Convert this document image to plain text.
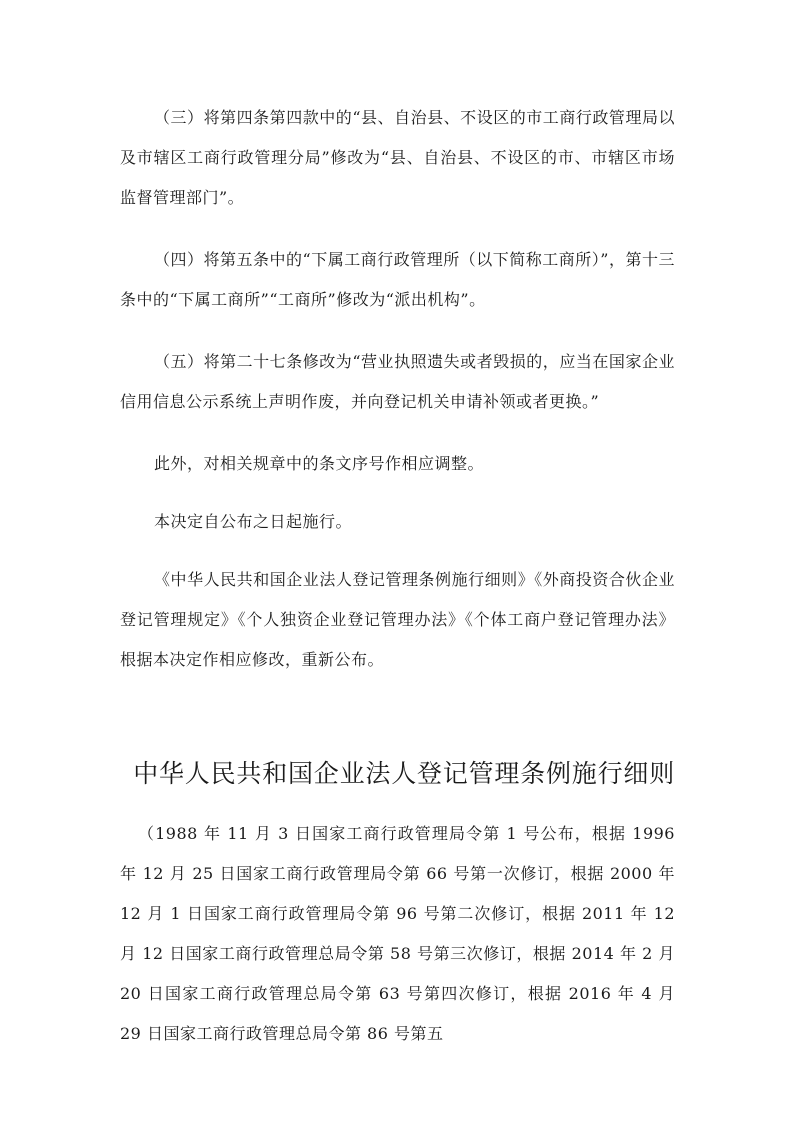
（三）将第四条第四款中的“县、自治县、不设区的市工商行政管理局以及市辖区工商行政管理分局”修改为“县、自治县、不设区的市、市辖区市场监督管理部门”。

（四）将第五条中的“下属工商行政管理所（以下简称工商所）”，第十三条中的“下属工商所”“工商所”修改为“派出机构”。

（五）将第二十七条修改为“营业执照遗失或者毁损的，应当在国家企业信用信息公示系统上声明作废，并向登记机关申请补领或者更换。”

此外，对相关规章中的条文序号作相应调整。

本决定自公布之日起施行。

《中华人民共和国企业法人登记管理条例施行细则》《外商投资合伙企业登记管理规定》《个人独资企业登记管理办法》《个体工商户登记管理办法》根据本决定作相应修改，重新公布。

中华人民共和国企业法人登记管理条例施行细则

（1988 年 11 月 3 日国家工商行政管理局令第 1 号公布，根据 1996 年 12 月 25 日国家工商行政管理局令第 66 号第一次修订，根据 2000 年 12 月 1 日国家工商行政管理局令第 96 号第二次修订，根据 2011 年 12 月 12 日国家工商行政管理总局令第 58 号第三次修订，根据 2014 年 2 月 20 日国家工商行政管理总局令第 63 号第四次修订，根据 2016 年 4 月 29 日国家工商行政管理总局令第 86 号第五
